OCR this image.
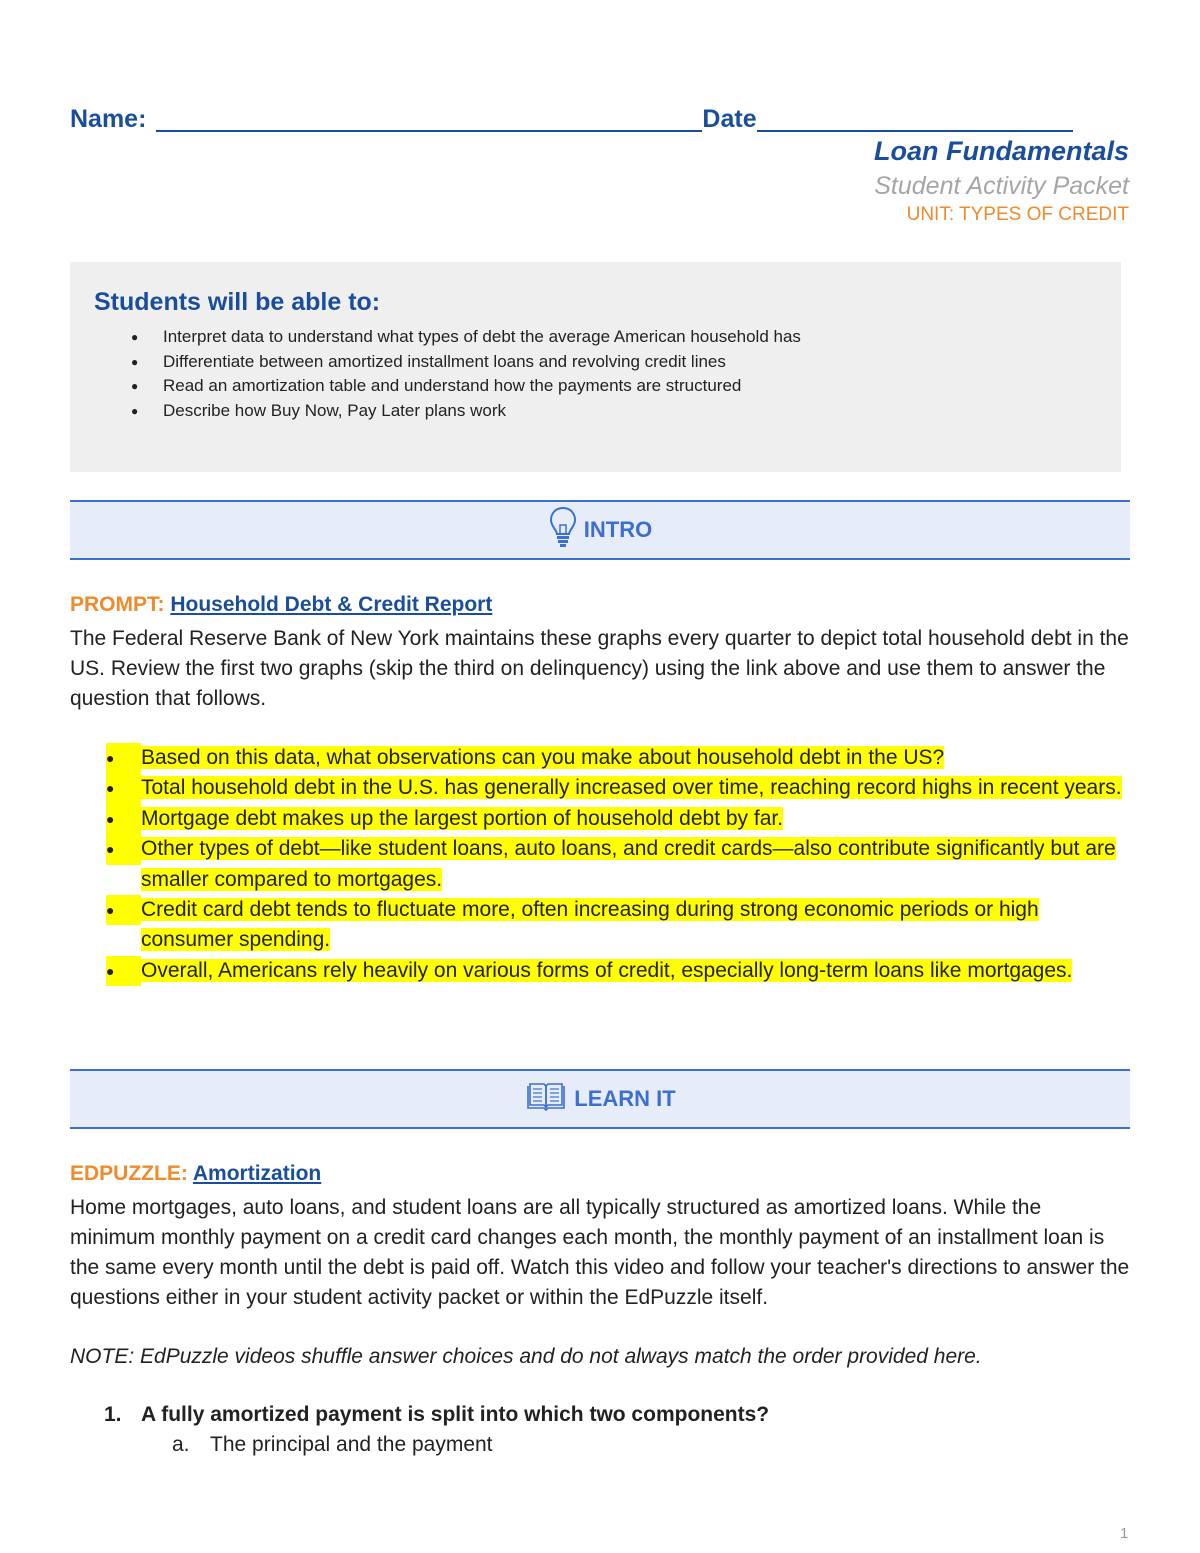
Name:	Date
Loan Fundamentals
Student Activity Packet
UNIT: TYPES OF CREDIT
Students will be able to:
● Interpret data to understand what types of debt the average American household has
● Differentiate between amortized installment loans and revolving credit lines
● Read an amortization table and understand how the payments are structured
● Describe how Buy Now, Pay Later plans work
INTRO
PROMPT: Household Debt & Credit Report
The Federal Reserve Bank of New York maintains these graphs every quarter to depict total household debt in the US. Review the first two graphs (skip the third on delinquency) using the link above and use them to answer the question that follows.
●	Based on this data, what observations can you make about household debt in the US?
●	Total household debt in the U.S. has generally increased over time, reaching record highs in recent years.
●	Mortgage debt makes up the largest portion of household debt by far.
●	Other types of debt—like student loans, auto loans, and credit cards—also contribute significantly but are smaller compared to mortgages.
●	Credit card debt tends to fluctuate more, often increasing during strong economic periods or high consumer spending.
●	Overall, Americans rely heavily on various forms of credit, especially long-term loans like mortgages.
LEARN IT
EDPUZZLE: Amortization
Home mortgages, auto loans, and student loans are all typically structured as amortized loans. While the minimum monthly payment on a credit card changes each month, the monthly payment of an installment loan is the same every month until the debt is paid off. Watch this video and follow your teacher's directions to answer the questions either in your student activity packet or within the EdPuzzle itself.
NOTE: EdPuzzle videos shuffle answer choices and do not always match the order provided here.
1. A fully amortized payment is split into which two components?
a. The principal and the payment
1
